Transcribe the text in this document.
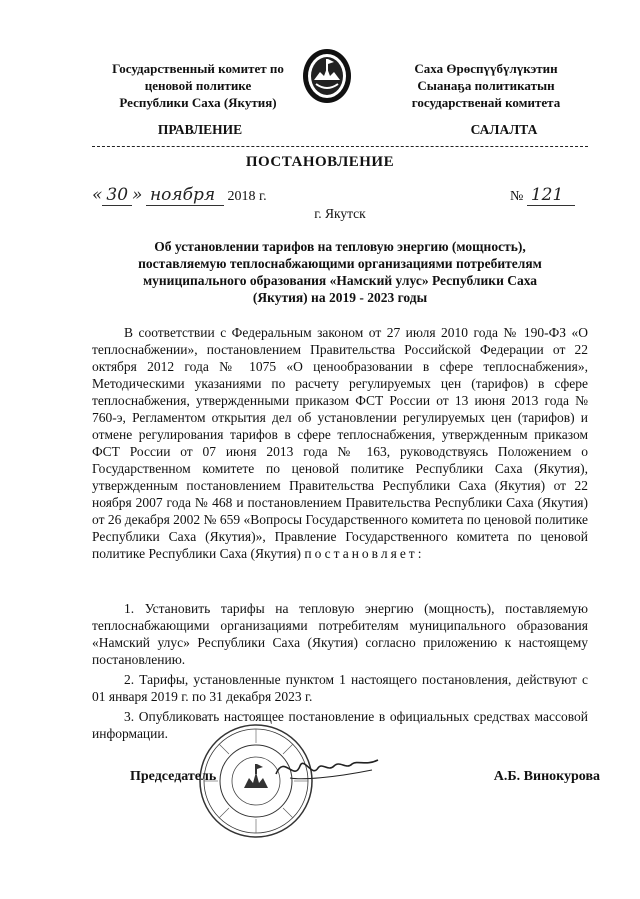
Государственный комитет по
ценовой политике
Республики Саха (Якутия)
Саха Өрөспүүбүлүкэтин
Сыанаҕа политикатын
государственай комитета
ПРАВЛЕНИЕ	САЛАЛТА
ПОСТАНОВЛЕНИЕ
« 30 » ноября 2018 г.	№ 121
г. Якутск
Об установлении тарифов на тепловую энергию (мощность),
поставляемую теплоснабжающими организациями потребителям
муниципального образования «Намский улус» Республики Саха
(Якутия) на 2019 - 2023 годы
В соответствии с Федеральным законом от 27 июля 2010 года № 190-ФЗ «О теплоснабжении», постановлением Правительства Российской Федерации от 22 октября 2012 года № 1075 «О ценообразовании в сфере теплоснабжения», Методическими указаниями по расчету регулируемых цен (тарифов) в сфере теплоснабжения, утвержденными приказом ФСТ России от 13 июня 2013 года № 760-э, Регламентом открытия дел об установлении регулируемых цен (тарифов) и отмене регулирования тарифов в сфере теплоснабжения, утвержденным приказом ФСТ России от 07 июня 2013 года № 163, руководствуясь Положением о Государственном комитете по ценовой политике Республики Саха (Якутия), утвержденным постановлением Правительства Республики Саха (Якутия) от 22 ноября 2007 года № 468 и постановлением Правительства Республики Саха (Якутия) от 26 декабря 2002 № 659 «Вопросы Государственного комитета по ценовой политике Республики Саха (Якутия)», Правление Государственного комитета по ценовой политике Республики Саха (Якутия) постановляет:

1. Установить тарифы на тепловую энергию (мощность), поставляемую теплоснабжающими организациями потребителям муниципального образования «Намский улус» Республики Саха (Якутия) согласно приложению к настоящему постановлению.

2. Тарифы, установленные пунктом 1 настоящего постановления, действуют с 01 января 2019 г. по 31 декабря 2023 г.

3. Опубликовать настоящее постановление в официальных средствах массовой информации.

Председатель	А.Б. Винокурова
